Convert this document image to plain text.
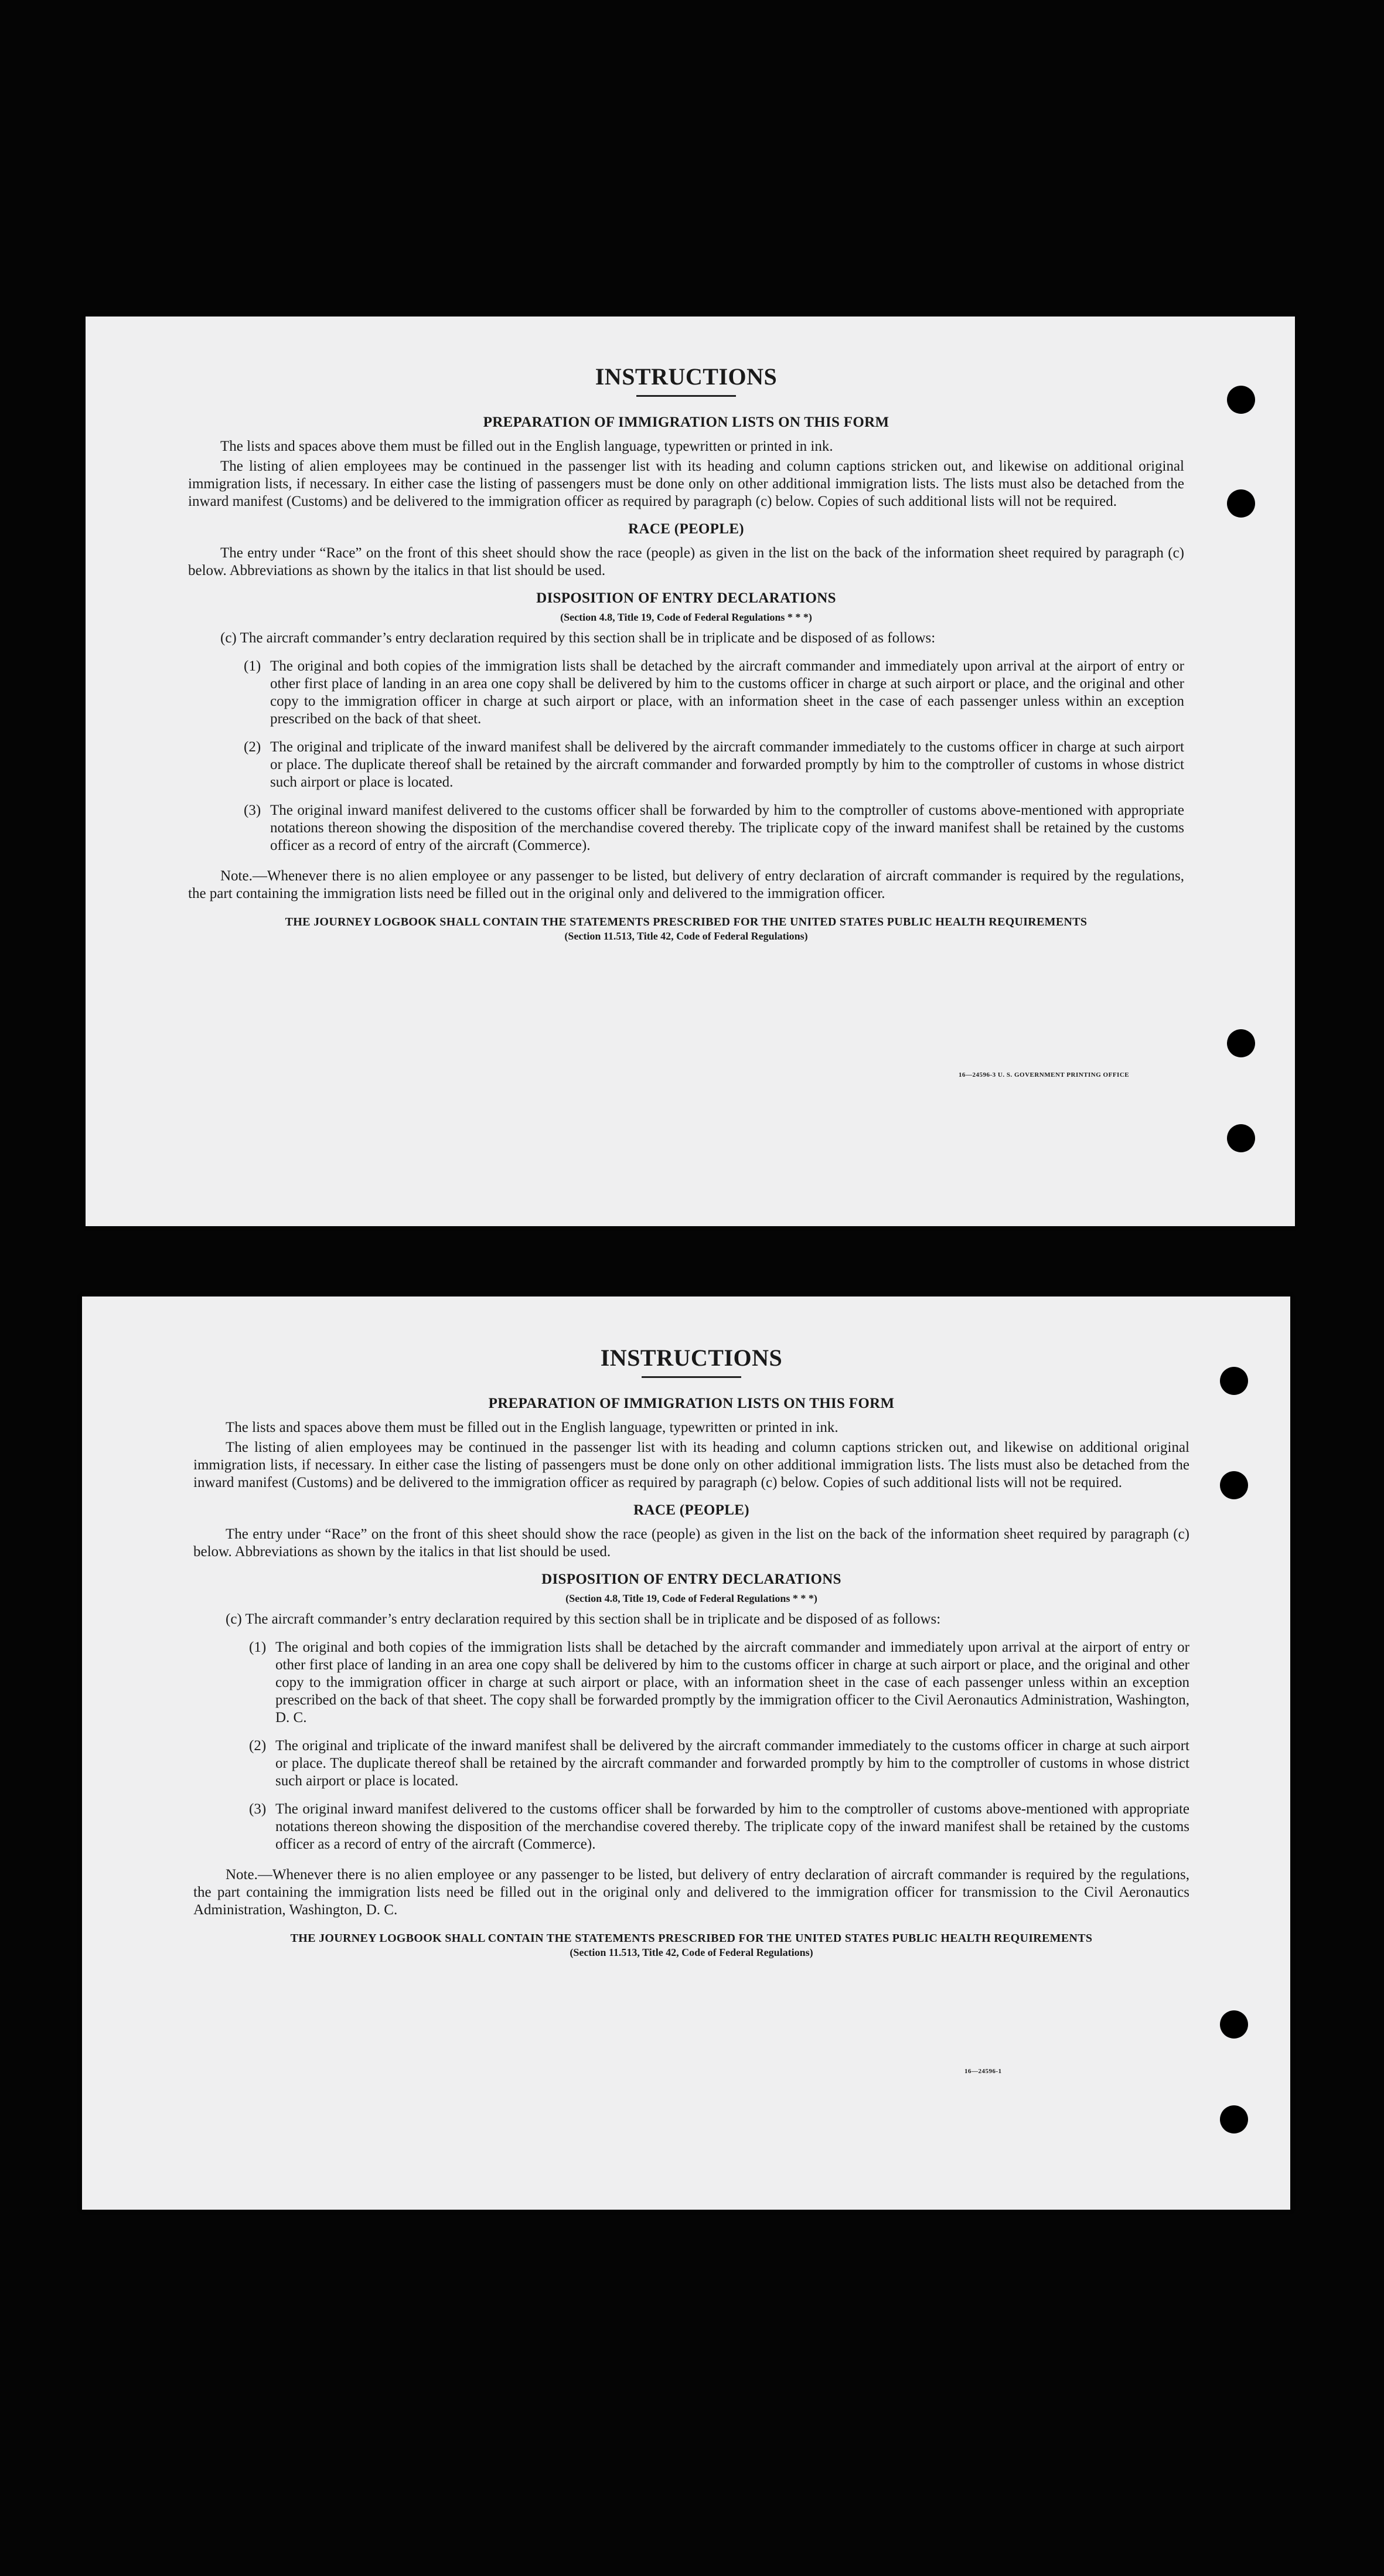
INSTRUCTIONS
PREPARATION OF IMMIGRATION LISTS ON THIS FORM

The lists and spaces above them must be filled out in the English language, typewritten or printed in ink.

The listing of alien employees may be continued in the passenger list with its heading and column captions stricken out, and likewise on additional original immigration lists, if necessary. In either case the listing of passengers must be done only on other additional immigration lists. The lists must also be detached from the inward manifest (Customs) and be delivered to the immigration officer as required by paragraph (c) below. Copies of such additional lists will not be required.

RACE (PEOPLE)

The entry under “Race” on the front of this sheet should show the race (people) as given in the list on the back of the information sheet required by paragraph (c) below. Abbreviations as shown by the italics in that list should be used.

DISPOSITION OF ENTRY DECLARATIONS
(Section 4.8, Title 19, Code of Federal Regulations * * *)
(c) The aircraft commander’s entry declaration required by this section shall be in triplicate and be disposed of as follows:
(1) The original and both copies of the immigration lists shall be detached by the aircraft commander and immediately upon arrival at the airport of entry or other first place of landing in an area one copy shall be delivered by him to the customs officer in charge at such airport or place, and the original and other copy to the immigration officer in charge at such airport or place, with an information sheet in the case of each passenger unless within an exception prescribed on the back of that sheet.
(2) The original and triplicate of the inward manifest shall be delivered by the aircraft commander immediately to the customs officer in charge at such airport or place. The duplicate thereof shall be retained by the aircraft commander and forwarded promptly by him to the comptroller of customs in whose district such airport or place is located.
(3) The original inward manifest delivered to the customs officer shall be forwarded by him to the comptroller of customs above-mentioned with appropriate notations thereon showing the disposition of the merchandise covered thereby. The triplicate copy of the inward manifest shall be retained by the customs officer as a record of entry of the aircraft (Commerce).

Note.—Whenever there is no alien employee or any passenger to be listed, but delivery of entry declaration of aircraft commander is required by the regulations, the part containing the immigration lists need be filled out in the original only and delivered to the immigration officer.

THE JOURNEY LOGBOOK SHALL CONTAIN THE STATEMENTS PRESCRIBED FOR THE UNITED STATES PUBLIC HEALTH REQUIREMENTS
(Section 11.513, Title 42, Code of Federal Regulations)
16—24596-3 U. S. GOVERNMENT PRINTING OFFICE
INSTRUCTIONS
PREPARATION OF IMMIGRATION LISTS ON THIS FORM

The lists and spaces above them must be filled out in the English language, typewritten or printed in ink.

The listing of alien employees may be continued in the passenger list with its heading and column captions stricken out, and likewise on additional original immigration lists, if necessary. In either case the listing of passengers must be done only on other additional immigration lists. The lists must also be detached from the inward manifest (Customs) and be delivered to the immigration officer as required by paragraph (c) below. Copies of such additional lists will not be required.

RACE (PEOPLE)

The entry under “Race” on the front of this sheet should show the race (people) as given in the list on the back of the information sheet required by paragraph (c) below. Abbreviations as shown by the italics in that list should be used.

DISPOSITION OF ENTRY DECLARATIONS
(Section 4.8, Title 19, Code of Federal Regulations * * *)
(c) The aircraft commander’s entry declaration required by this section shall be in triplicate and be disposed of as follows:
(1) The original and both copies of the immigration lists shall be detached by the aircraft commander and immediately upon arrival at the airport of entry or other first place of landing in an area one copy shall be delivered by him to the customs officer in charge at such airport or place, and the original and other copy to the immigration officer in charge at such airport or place, with an information sheet in the case of each passenger unless within an exception prescribed on the back of that sheet. The copy shall be forwarded promptly by the immigration officer to the Civil Aeronautics Administration, Washington, D. C.
(2) The original and triplicate of the inward manifest shall be delivered by the aircraft commander immediately to the customs officer in charge at such airport or place. The duplicate thereof shall be retained by the aircraft commander and forwarded promptly by him to the comptroller of customs in whose district such airport or place is located.
(3) The original inward manifest delivered to the customs officer shall be forwarded by him to the comptroller of customs above-mentioned with appropriate notations thereon showing the disposition of the merchandise covered thereby. The triplicate copy of the inward manifest shall be retained by the customs officer as a record of entry of the aircraft (Commerce).

Note.—Whenever there is no alien employee or any passenger to be listed, but delivery of entry declaration of aircraft commander is required by the regulations, the part containing the immigration lists need be filled out in the original only and delivered to the immigration officer for transmission to the Civil Aeronautics Administration, Washington, D. C.

THE JOURNEY LOGBOOK SHALL CONTAIN THE STATEMENTS PRESCRIBED FOR THE UNITED STATES PUBLIC HEALTH REQUIREMENTS
(Section 11.513, Title 42, Code of Federal Regulations)
16—24596-1
